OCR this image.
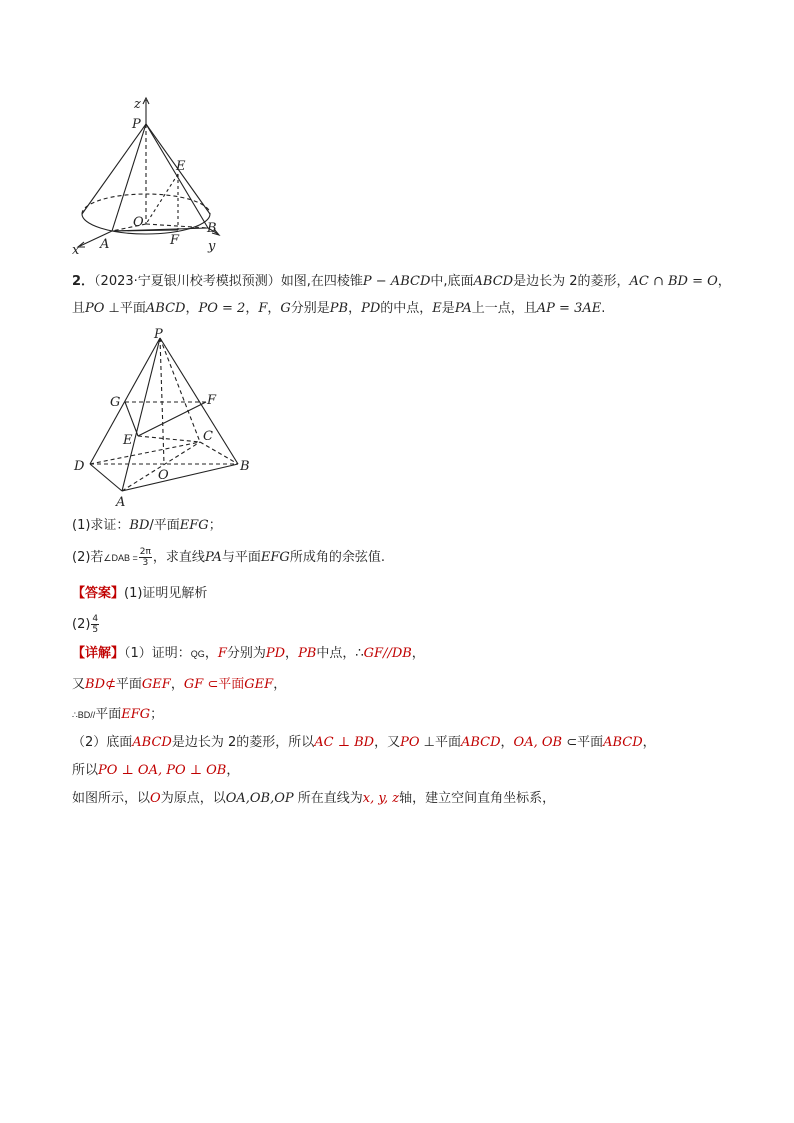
z
P
E
O	B
x A	F y
2．（2023·宁夏银川校考模拟预测）如图,在四棱锥P − ABCD中,底面ABCD是边长为 2的菱形，AC ∩ BD = O，
且PO ⊥平面ABCD，PO = 2，F，G分别是PB，PD的中点，E是PA上一点，且AP = 3AE.
P
G	F
E	C
D
O
B
A
(1)求证：BD/平面EFG；
(2)若∠DAB = $\frac{2\pi}{3}$ ，求直线PA与平面EFG所成角的余弦值.
【答案】(1)证明见解析
$(2) \frac{4}{5}$
【详解】（1）证明：QG，F分别为PD，PB中点，∴GF//DB，
又BD⊄平面GEF，GF ⊂平面GEF，
∴BD//平面EFG；
（2）底面ABCD是边长为 2的菱形，所以AC ⊥ BD，又PO ⊥平面ABCD，OA, OB ⊂平面ABCD，
所以PO ⊥ OA, PO ⊥ OB，
如图所示，以O为原点，以OA,OB,OP 所在直线为x, y, z轴，建立空间直角坐标系，
